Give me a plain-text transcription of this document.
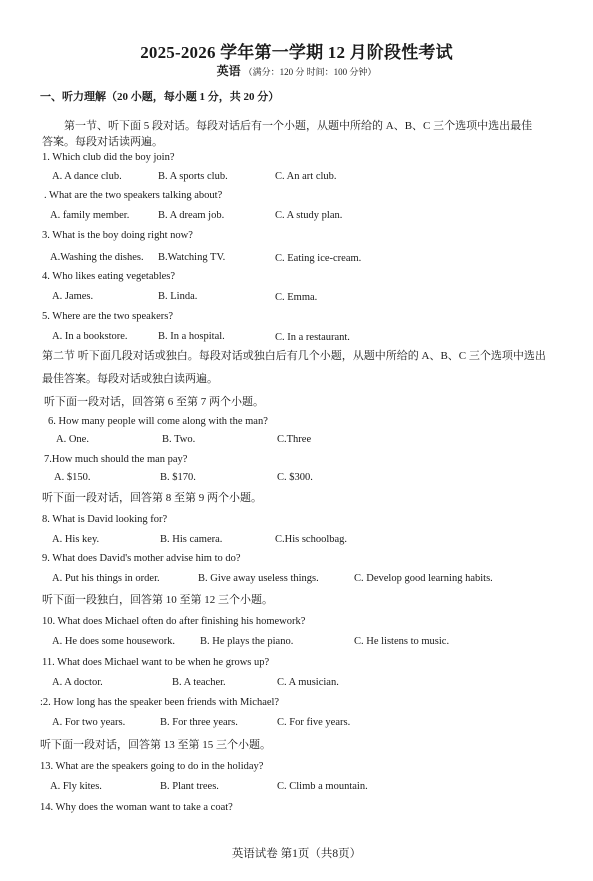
2025-2026 学年第一学期 12 月阶段性考试
英语 （满分：120 分 时间：100 分钟）
一、听力理解（20 小题，每小题 1 分，共 20 分）
第一节、听下面 5 段对话。每段对话后有一个小题，从题中所给的 A、B、C 三个选项中选出最佳
答案。每段对话读两遍。
1. Which club did the boy join?
A. A dance club.	B. A sports club.	C. An art club.
. What are the two speakers talking about?
A. family member.	B. A dream job.	C. A study plan.
3. What is the boy doing right now?
A.Washing the dishes. B.Watching TV.	C. Eating ice-cream.
4. Who likes eating vegetables?
A. James.	B. Linda.	C. Emma.
5. Where are the two speakers?
A. In a bookstore.	B. In a hospital.	C. In a restaurant.
第二节 听下面几段对话或独白。每段对话或独白后有几个小题，从题中所给的 A、B、C 三个选项中选出
最佳答案。每段对话或独白读两遍。
听下面一段对话，回答第 6 至第 7 两个小题。
6. How many people will come along with the man?
A. One.	B. Two.	C.Three
7.How much should the man pay?
A. $150.	B. $170.	C. $300.
听下面一段对话，回答第 8 至第 9 两个小题。
8. What is David looking for?
A. His key.	B. His camera.	C.His schoolbag.
9. What does David's mother advise him to do?
A. Put his things in order.	B. Give away useless things.	C. Develop good learning habits.
听下面一段独白，回答第 10 至第 12 三个小题。
10. What does Michael often do after finishing his homework?
A. He does some housework. B. He plays the piano.	C. He listens to music.
11. What does Michael want to be when he grows up?
A. A doctor.	B. A teacher.	C. A musician.
:2. How long has the speaker been friends with Michael?
A. For two years.	B. For three years.	C. For five years.
听下面一段对话，回答第 13 至第 15 三个小题。
13. What are the speakers going to do in the holiday?
A. Fly kites.	B. Plant trees.	C. Climb a mountain.
14. Why does the woman want to take a coat?
英语试卷 第1页（共8页）
